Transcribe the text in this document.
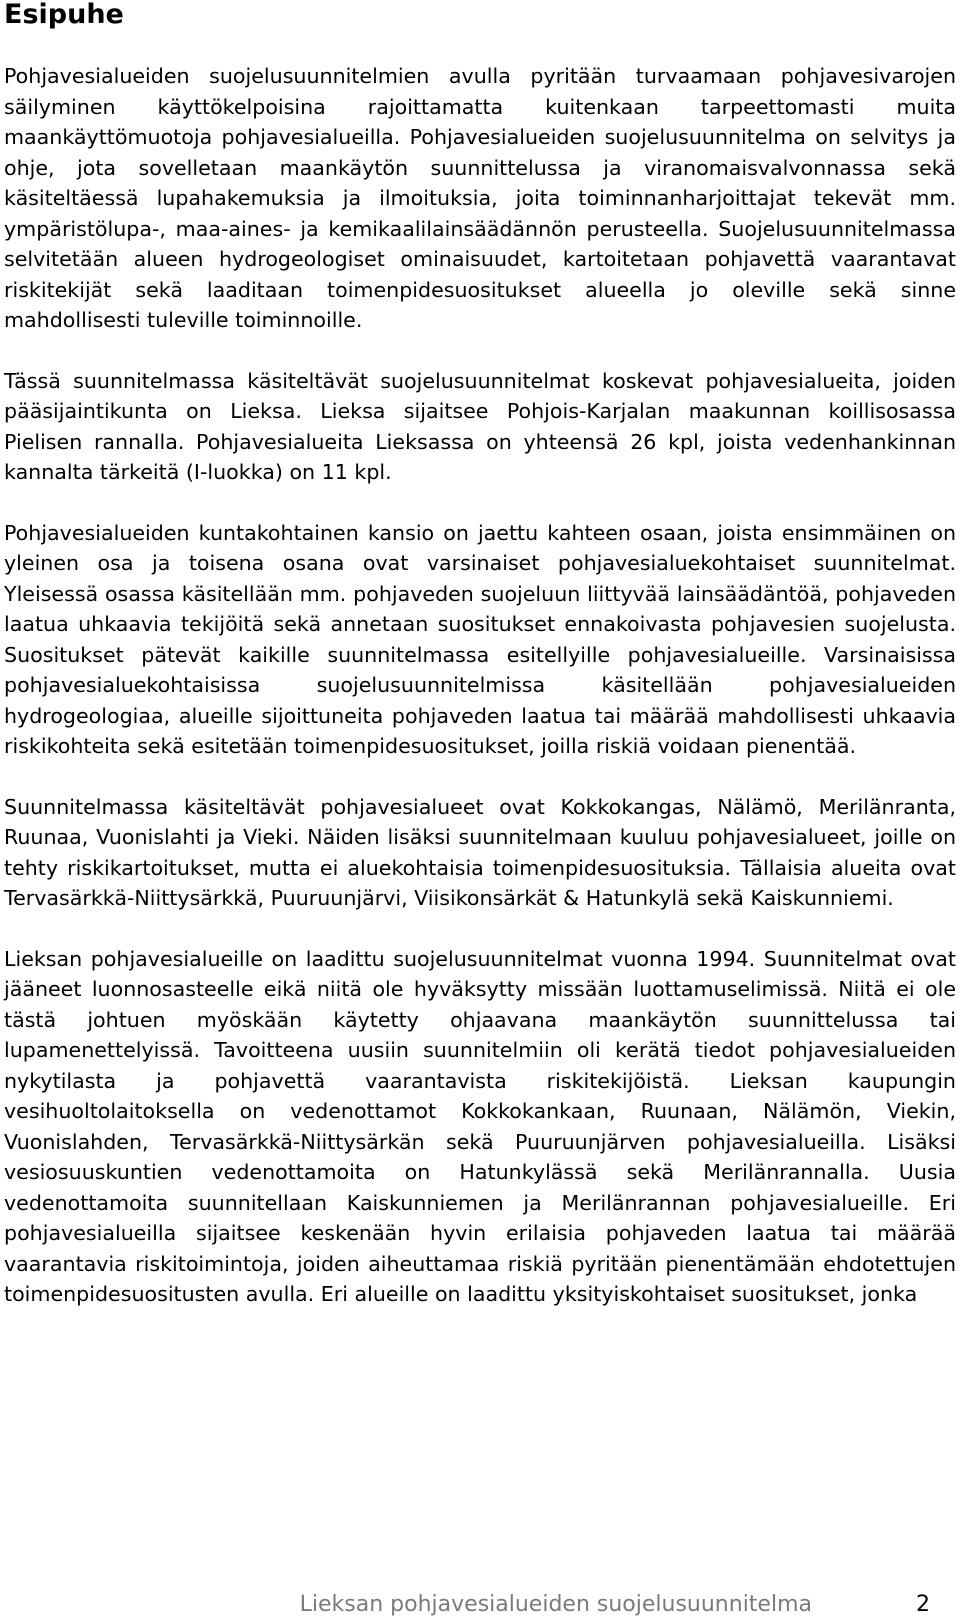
Esipuhe

Pohjavesialueiden suojelusuunnitelmien avulla pyritään turvaamaan pohjavesivarojen säilyminen käyttökelpoisina rajoittamatta kuitenkaan tarpeettomasti muita maankäyttömuotoja pohjavesialueilla. Pohjavesialueiden suojelusuunnitelma on selvitys ja ohje, jota sovelletaan maankäytön suunnittelussa ja viranomaisvalvonnassa sekä käsiteltäessä lupahakemuksia ja ilmoituksia, joita toiminnanharjoittajat tekevät mm. ympäristölupa-, maa-aines- ja kemikaalilainsäädännön perusteella. Suojelusuunnitelmassa selvitetään alueen hydrogeologiset ominaisuudet, kartoitetaan pohjavettä vaarantavat riskitekijät sekä laaditaan toimenpidesuositukset alueella jo oleville sekä sinne mahdollisesti tuleville toiminnoille.

Tässä suunnitelmassa käsiteltävät suojelusuunnitelmat koskevat pohjavesialueita, joiden pääsijaintikunta on Lieksa. Lieksa sijaitsee Pohjois-Karjalan maakunnan koillisosassa Pielisen rannalla. Pohjavesialueita Lieksassa on yhteensä 26 kpl, joista vedenhankinnan kannalta tärkeitä (I-luokka) on 11 kpl.

Pohjavesialueiden kuntakohtainen kansio on jaettu kahteen osaan, joista ensimmäinen on yleinen osa ja toisena osana ovat varsinaiset pohjavesialuekohtaiset suunnitelmat. Yleisessä osassa käsitellään mm. pohjaveden suojeluun liittyvää lainsäädäntöä, pohjaveden laatua uhkaavia tekijöitä sekä annetaan suositukset ennakoivasta pohjavesien suojelusta. Suositukset pätevät kaikille suunnitelmassa esitellyille pohjavesialueille. Varsinaisissa pohjavesialuekohtaisissa suojelusuunnitelmissa käsitellään pohjavesialueiden hydrogeologiaa, alueille sijoittuneita pohjaveden laatua tai määrää mahdollisesti uhkaavia riskikohteita sekä esitetään toimenpidesuositukset, joilla riskiä voidaan pienentää.

Suunnitelmassa käsiteltävät pohjavesialueet ovat Kokkokangas, Nälämö, Merilänranta, Ruunaa, Vuonislahti ja Vieki. Näiden lisäksi suunnitelmaan kuuluu pohjavesialueet, joille on tehty riskikartoitukset, mutta ei aluekohtaisia toimenpidesuosituksia. Tällaisia alueita ovat Tervasärkkä-Niittysärkkä, Puuruunjärvi, Viisikonsärkät & Hatunkylä sekä Kaiskunniemi.

Lieksan pohjavesialueille on laadittu suojelusuunnitelmat vuonna 1994. Suunnitelmat ovat jääneet luonnosasteelle eikä niitä ole hyväksytty missään luottamuselimissä. Niitä ei ole tästä johtuen myöskään käytetty ohjaavana maankäytön suunnittelussa tai lupamenettelyissä. Tavoitteena uusiin suunnitelmiin oli kerätä tiedot pohjavesialueiden nykytilasta ja pohjavettä vaarantavista riskitekijöistä. Lieksan kaupungin vesihuoltolaitoksella on vedenottamot Kokkokankaan, Ruunaan, Nälämön, Viekin, Vuonislahden, Tervasärkkä-Niittysärkän sekä Puuruunjärven pohjavesialueilla. Lisäksi vesiosuuskuntien vedenottamoita on Hatunkylässä sekä Merilänrannalla. Uusia vedenottamoita suunnitellaan Kaiskunniemen ja Merilänrannan pohjavesialueille. Eri pohjavesialueilla sijaitsee keskenään hyvin erilaisia pohjaveden laatua tai määrää vaarantavia riskitoimintoja, joiden aiheuttamaa riskiä pyritään pienentämään ehdotettujen toimenpidesuositusten avulla. Eri alueille on laadittu yksityiskohtaiset suositukset, jonka

Lieksan pohjavesialueiden suojelusuunnitelma	2
